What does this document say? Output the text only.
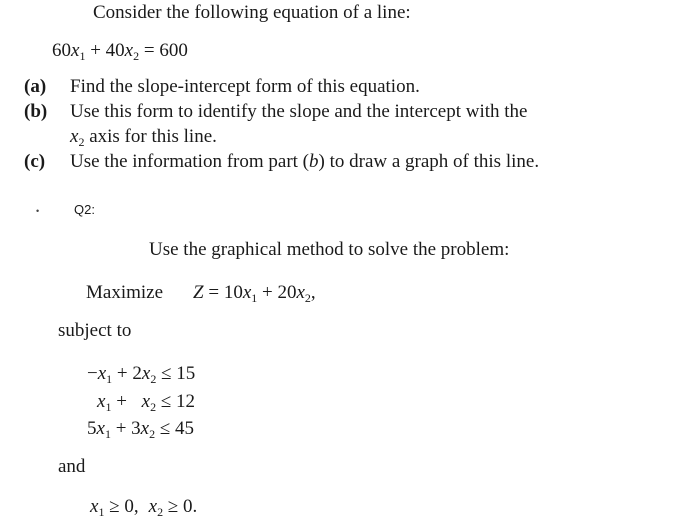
Consider the following equation of a line:
$60x_1 + 40x_2 = 600$
(a)	Find the slope-intercept form of this equation.
(b)	Use this form to identify the slope and the intercept with the
$x_2$ axis for this line.
(c)	Use the information from part (b) to draw a graph of this line.
•	Q2:
Use the graphical method to solve the problem:
Maximize $Z = 10x_1 + 20x_2$,
subject to
$-x_1 + 2x_2 \le 15$
$x_1 + x_2 \le 12$
$5x_1 + 3x_2 \le 45$
and
$x_1 \ge 0$, $x_2 \ge 0$.
